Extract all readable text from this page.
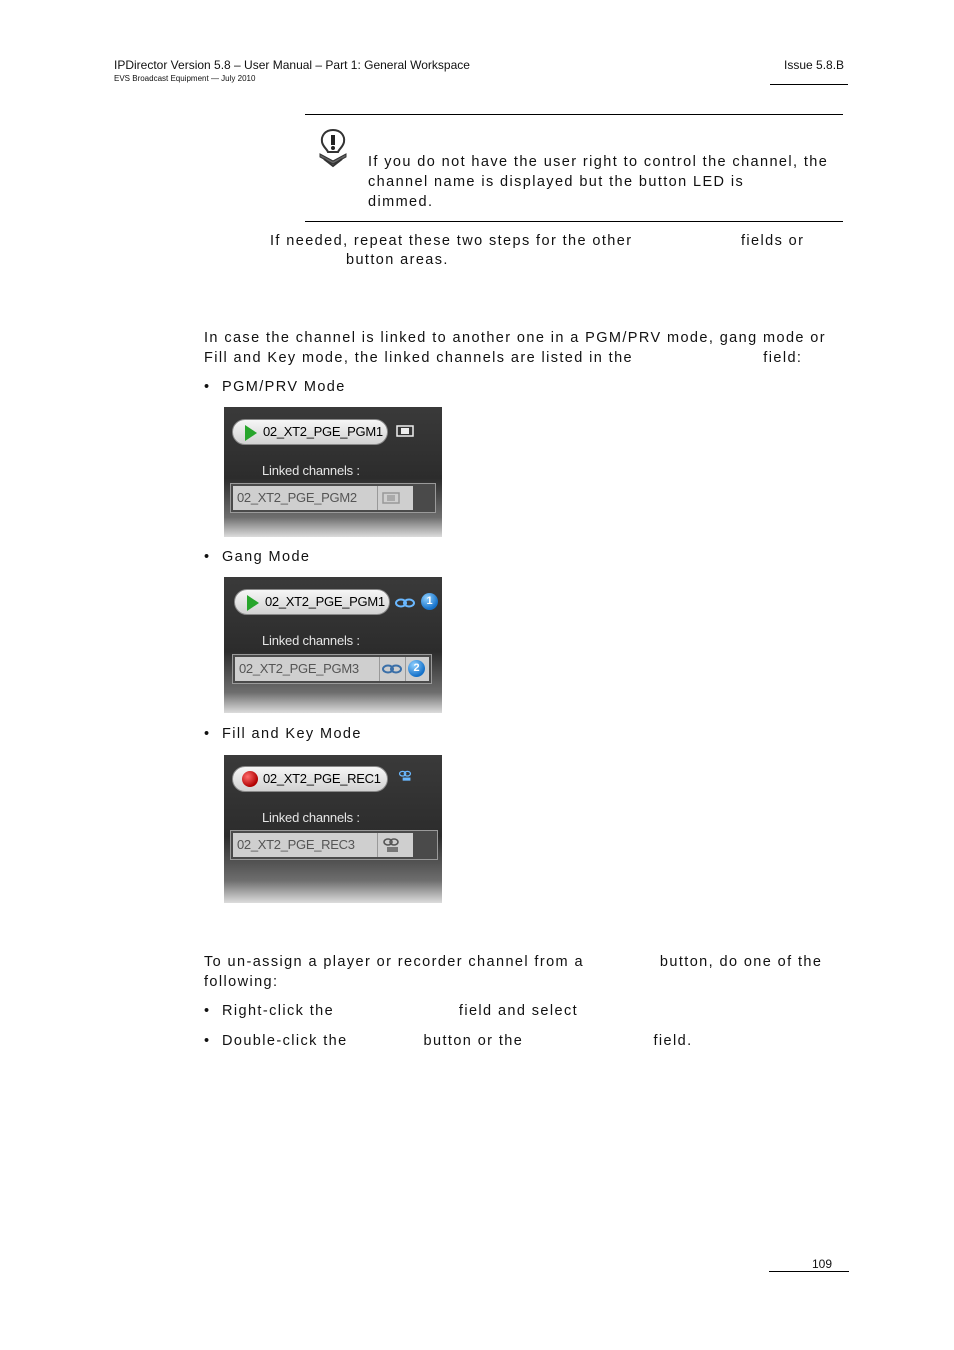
IPDirector Version 5.8 – User Manual – Part 1: General Workspace
EVS Broadcast Equipment — July 2010
Issue 5.8.B
If you do not have the user right to control the channel, the
channel name is displayed but the button LED is
dimmed.
If needed, repeat these two steps for the other                    fields or
button areas.
In case the channel is linked to another one in a PGM/PRV mode, gang mode or
Fill and Key mode, the linked channels are listed in the                        field:
• PGM/PRV Mode
02_XT2_PGE_PGM1
Linked channels :
02_XT2_PGE_PGM2
• Gang Mode
02_XT2_PGE_PGM1	1
Linked channels :
02_XT2_PGE_PGM3	2
• Fill and Key Mode
02_XT2_PGE_REC1
Linked channels :
02_XT2_PGE_REC3
To un-assign a player or recorder channel from a              button, do one of the
following:
• Right-click the                       field and select
• Double-click the              button or the                        field.
109
